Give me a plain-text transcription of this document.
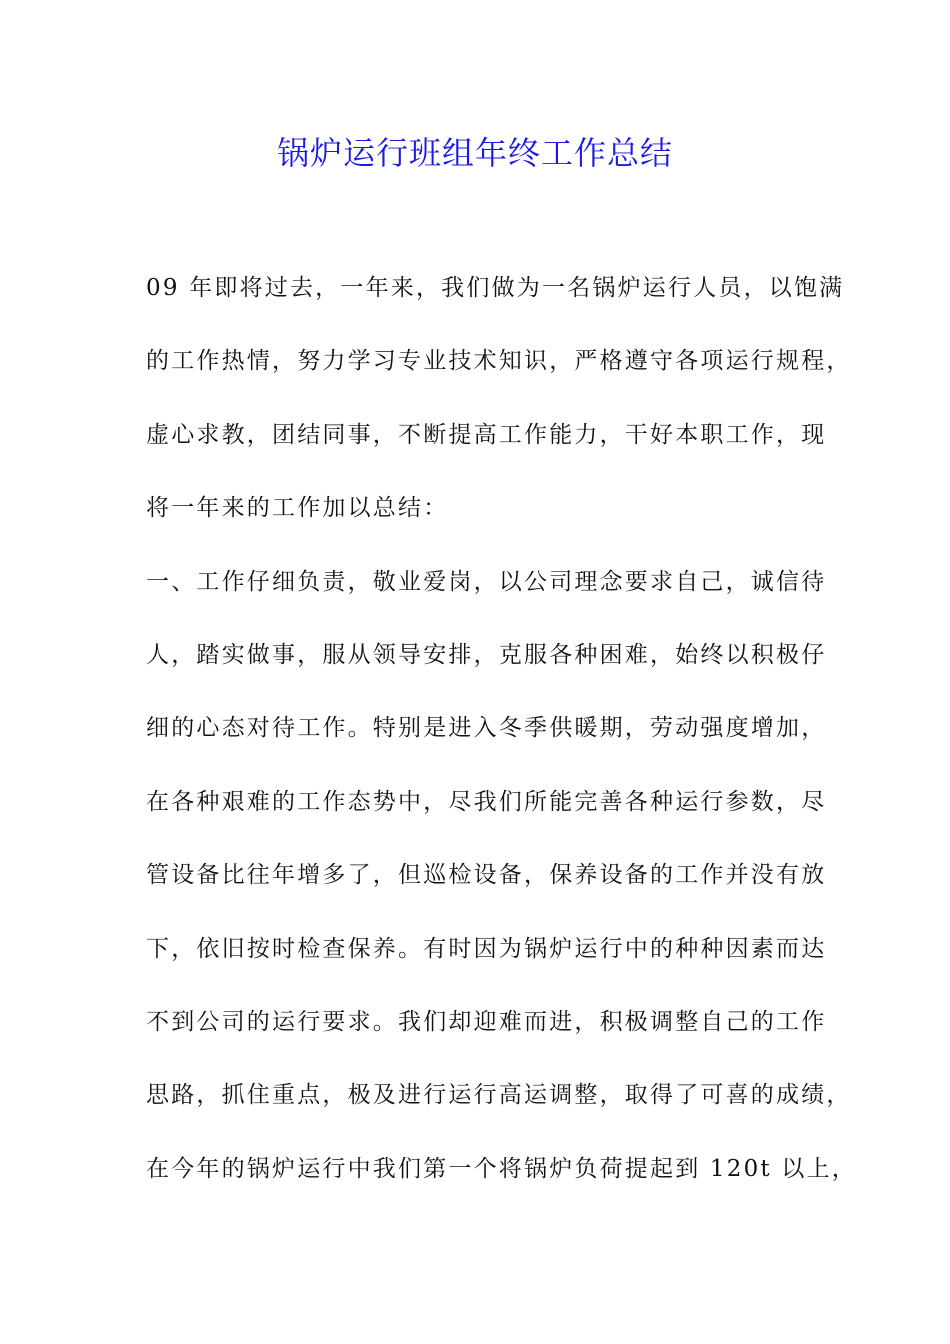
锅炉运行班组年终工作总结
09 年即将过去，一年来，我们做为一名锅炉运行人员，以饱满
的工作热情，努力学习专业技术知识，严格遵守各项运行规程，
虚心求教，团结同事，不断提高工作能力，干好本职工作，现
将一年来的工作加以总结：
一、工作仔细负责，敬业爱岗，以公司理念要求自己，诚信待
人，踏实做事，服从领导安排，克服各种困难，始终以积极仔
细的心态对待工作。特别是进入冬季供暖期，劳动强度增加，
在各种艰难的工作态势中，尽我们所能完善各种运行参数，尽
管设备比往年增多了，但巡检设备，保养设备的工作并没有放
下，依旧按时检查保养。有时因为锅炉运行中的种种因素而达
不到公司的运行要求。我们却迎难而进，积极调整自己的工作
思路，抓住重点，极及进行运行高运调整，取得了可喜的成绩，
在今年的锅炉运行中我们第一个将锅炉负荷提起到 120t 以上，
